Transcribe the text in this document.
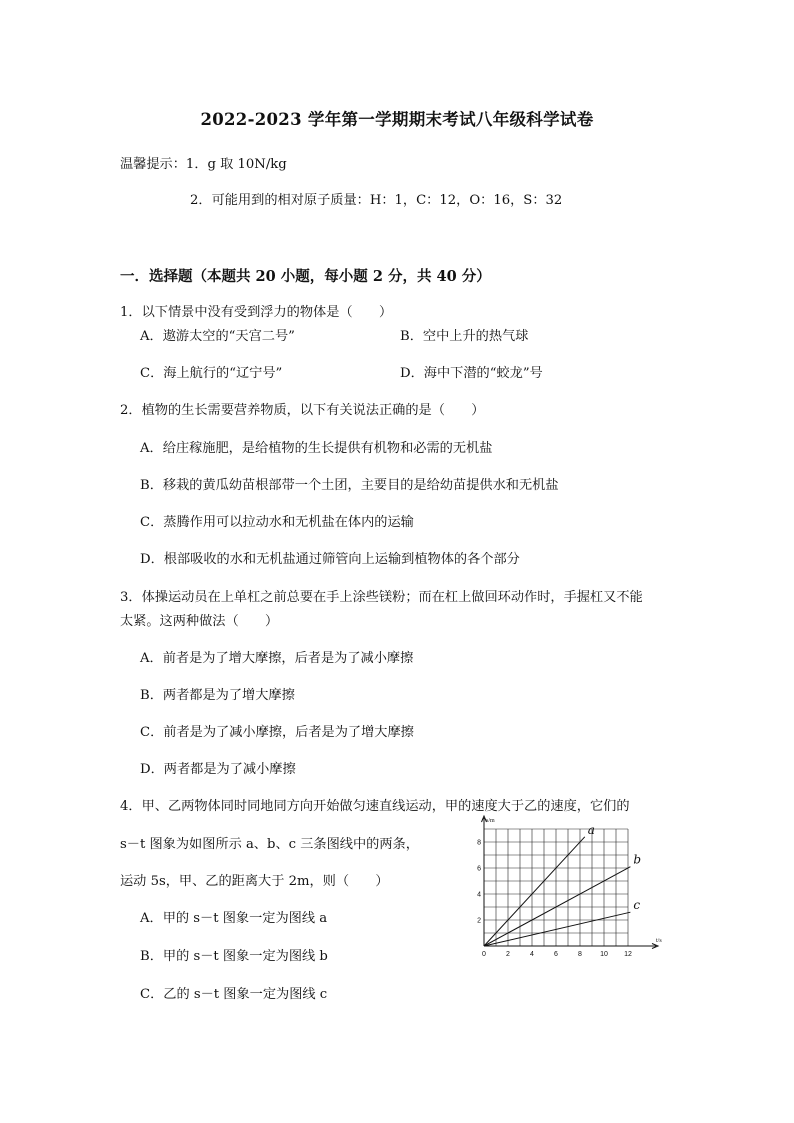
2022-2023 学年第一学期期末考试八年级科学试卷
温馨提示：1．g 取 10N/kg
2．可能用到的相对原子质量：H：1，C：12，O：16，S：32
一．选择题（本题共 20 小题，每小题 2 分，共 40 分）
1．以下情景中没有受到浮力的物体是（　　）
A．遨游太空的“天宫二号”	B．空中上升的热气球
C．海上航行的“辽宁号”	D．海中下潜的“蛟龙”号
2．植物的生长需要营养物质，以下有关说法正确的是（　　）
A．给庄稼施肥，是给植物的生长提供有机物和必需的无机盐
B．移栽的黄瓜幼苗根部带一个土团，主要目的是给幼苗提供水和无机盐
C．蒸腾作用可以拉动水和无机盐在体内的运输
D．根部吸收的水和无机盐通过筛管向上运输到植物体的各个部分
3．体操运动员在上单杠之前总要在手上涂些镁粉；而在杠上做回环动作时，手握杠又不能
太紧。这两种做法（　　）
A．前者是为了增大摩擦，后者是为了减小摩擦
B．两者都是为了增大摩擦
C．前者是为了减小摩擦，后者是为了增大摩擦
D．两者都是为了减小摩擦
4．甲、乙两物体同时同地同方向开始做匀速直线运动，甲的速度大于乙的速度，它们的
s－t 图象为如图所示 a、b、c 三条图线中的两条，
运动 5s，甲、乙的距离大于 2m，则（　　）
A．甲的 s－t 图象一定为图线 a
B．甲的 s－t 图象一定为图线 b
C．乙的 s－t 图象一定为图线 c
s/m
t/s
0	2	4	6	8	10 12
2
4
6
8
a
b
c
